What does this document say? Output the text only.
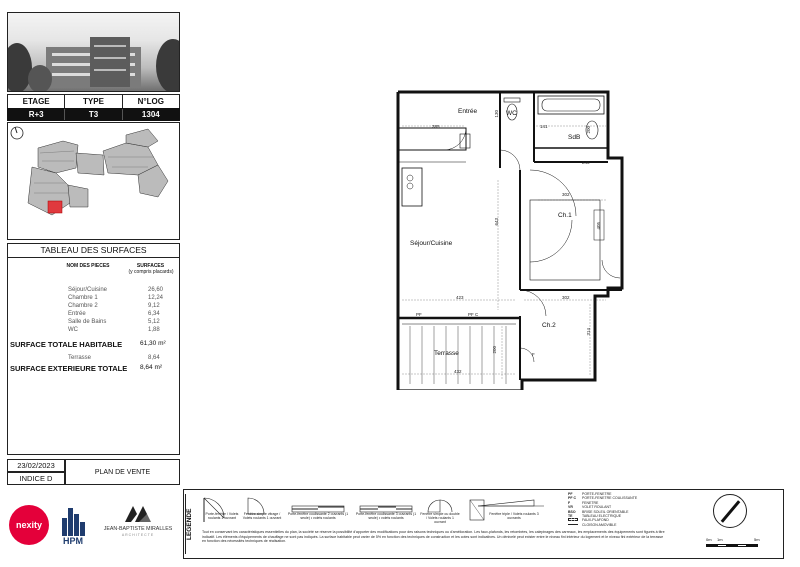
ETAGE	TYPE	N°LOG
R+3	T3	1304
TABLEAU DES SURFACES
NOM DES PIECES	SURFACES
(y compris placards)
Séjour/Cuisine	26,60
Chambre 1	12,24
Chambre 2	9,12
Entrée	6,34
Salle de Bains	5,12
WC	1,88
SURFACE TOTALE HABITABLE	61,30 m²
Terrasse	8,64
SURFACE EXTERIEURE TOTALE 8,64 m²
23/02/2023
INDICE D
PLAN DE VENTE
nexity
HPM
JEAN-BAPTISTE MIRALLES
ARCHITECTE	LEGENDE	Porte-fenêtre / Volets roulants 1 ouvrant
Fenêtre simple vitrage / Volets roulants 1 ouvrant
Porte-fenêtre coulissante 2 ouvrants (1 seule) • volets roulants
Porte-fenêtre coulissante 3 ouvrants (1 seule) • volets roulants
Fenêtre simple ou double / Volets roulants 1 ouvrant
Fenêtre triple / Volets roulants 3 ouvrants
PF	PORTE-FENETRE
PF C PORTE-FENETRE COULISSANTE
F	FENETRE
VR	VOLET ROULANT
BSO BRISE SOLEIL ORIENTABLE
TE	TABLEAU ELECTRIQUE
FAUX-PLAFOND
CLOISON AMOVIBLE
Tout en conservant les caractéristiques essentielles du plan, la société se réserve la possibilité d'apporter des modifications pour des raisons techniques ou d'amélioration. Les faux-plafonds, les retombées, les calepinages des carreaux, les emplacements des équipements sont figurés à titre indicatif. Les éléments d'équipements de chauffage ne sont pas indiqués. La surface habitable peut varier de 5% en fonction des techniques de construction et les cotes sont indicatives. Un dénivelé peut exister entre le niveau fini intérieur du logement et le niveau fini extérieur de la terrasse en fonction des nécessités techniques de réalisation.	0m 1m	5m
Entrée	WC
SdB
Ch.1
Séjour/Cuisine
Ch.2
Terrasse
385
130
141	200
246
302
405
643
423	302
314
200
432
PF	PF C
F
